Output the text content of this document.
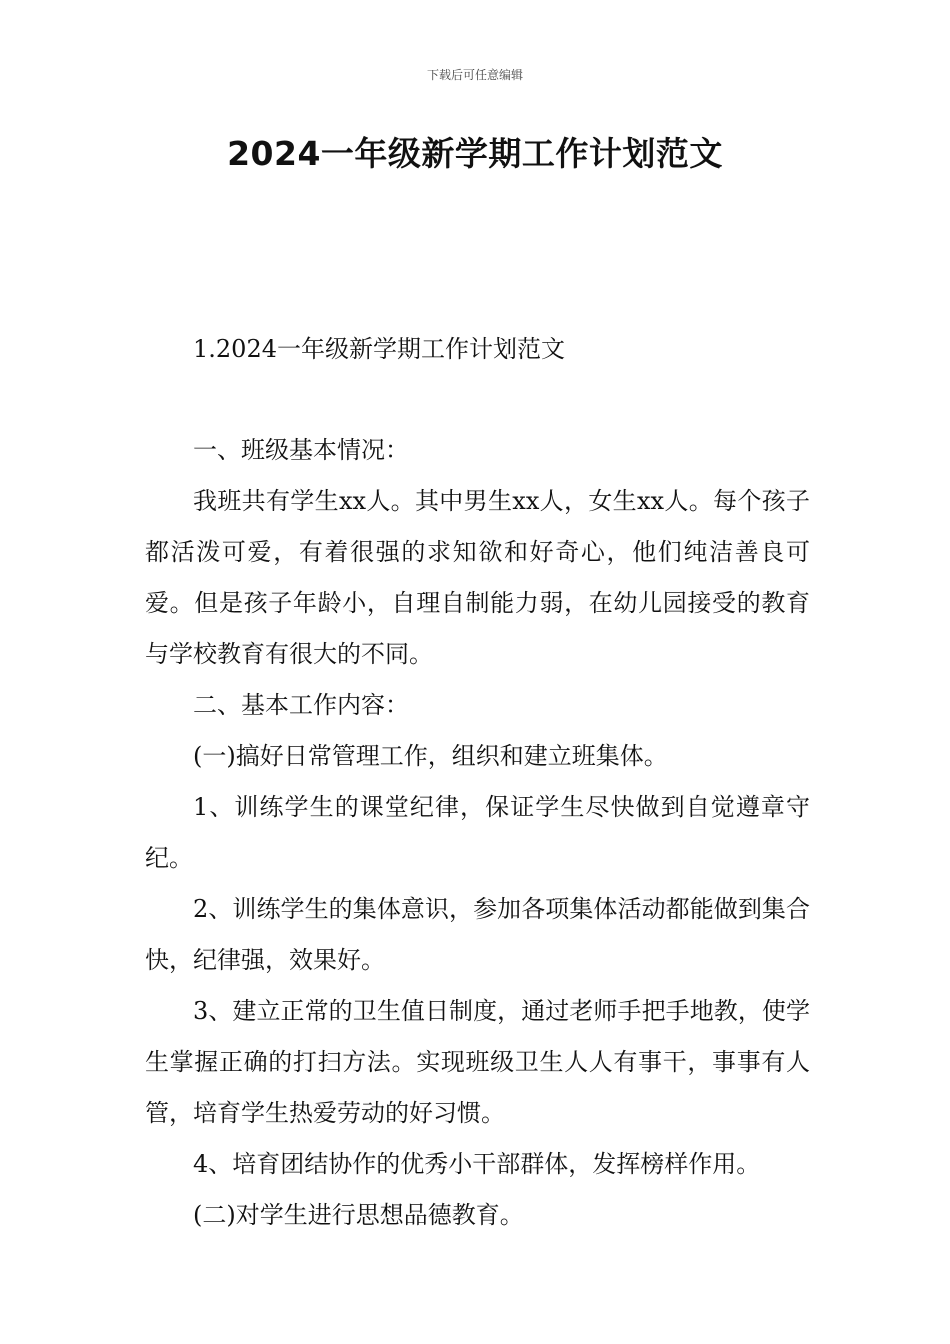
下载后可任意编辑
2024一年级新学期工作计划范文
1.2024一年级新学期工作计划范文

一、班级基本情况：

我班共有学生xx人。其中男生xx人，女生xx人。每个孩子都活泼可爱，有着很强的求知欲和好奇心，他们纯洁善良可爱。但是孩子年龄小，自理自制能力弱，在幼儿园接受的教育与学校教育有很大的不同。

二、基本工作内容：

(一)搞好日常管理工作，组织和建立班集体。

1、训练学生的课堂纪律，保证学生尽快做到自觉遵章守纪。

2、训练学生的集体意识，参加各项集体活动都能做到集合快，纪律强，效果好。

3、建立正常的卫生值日制度，通过老师手把手地教，使学生掌握正确的打扫方法。实现班级卫生人人有事干，事事有人管，培育学生热爱劳动的好习惯。

4、培育团结协作的优秀小干部群体，发挥榜样作用。

(二)对学生进行思想品德教育。
